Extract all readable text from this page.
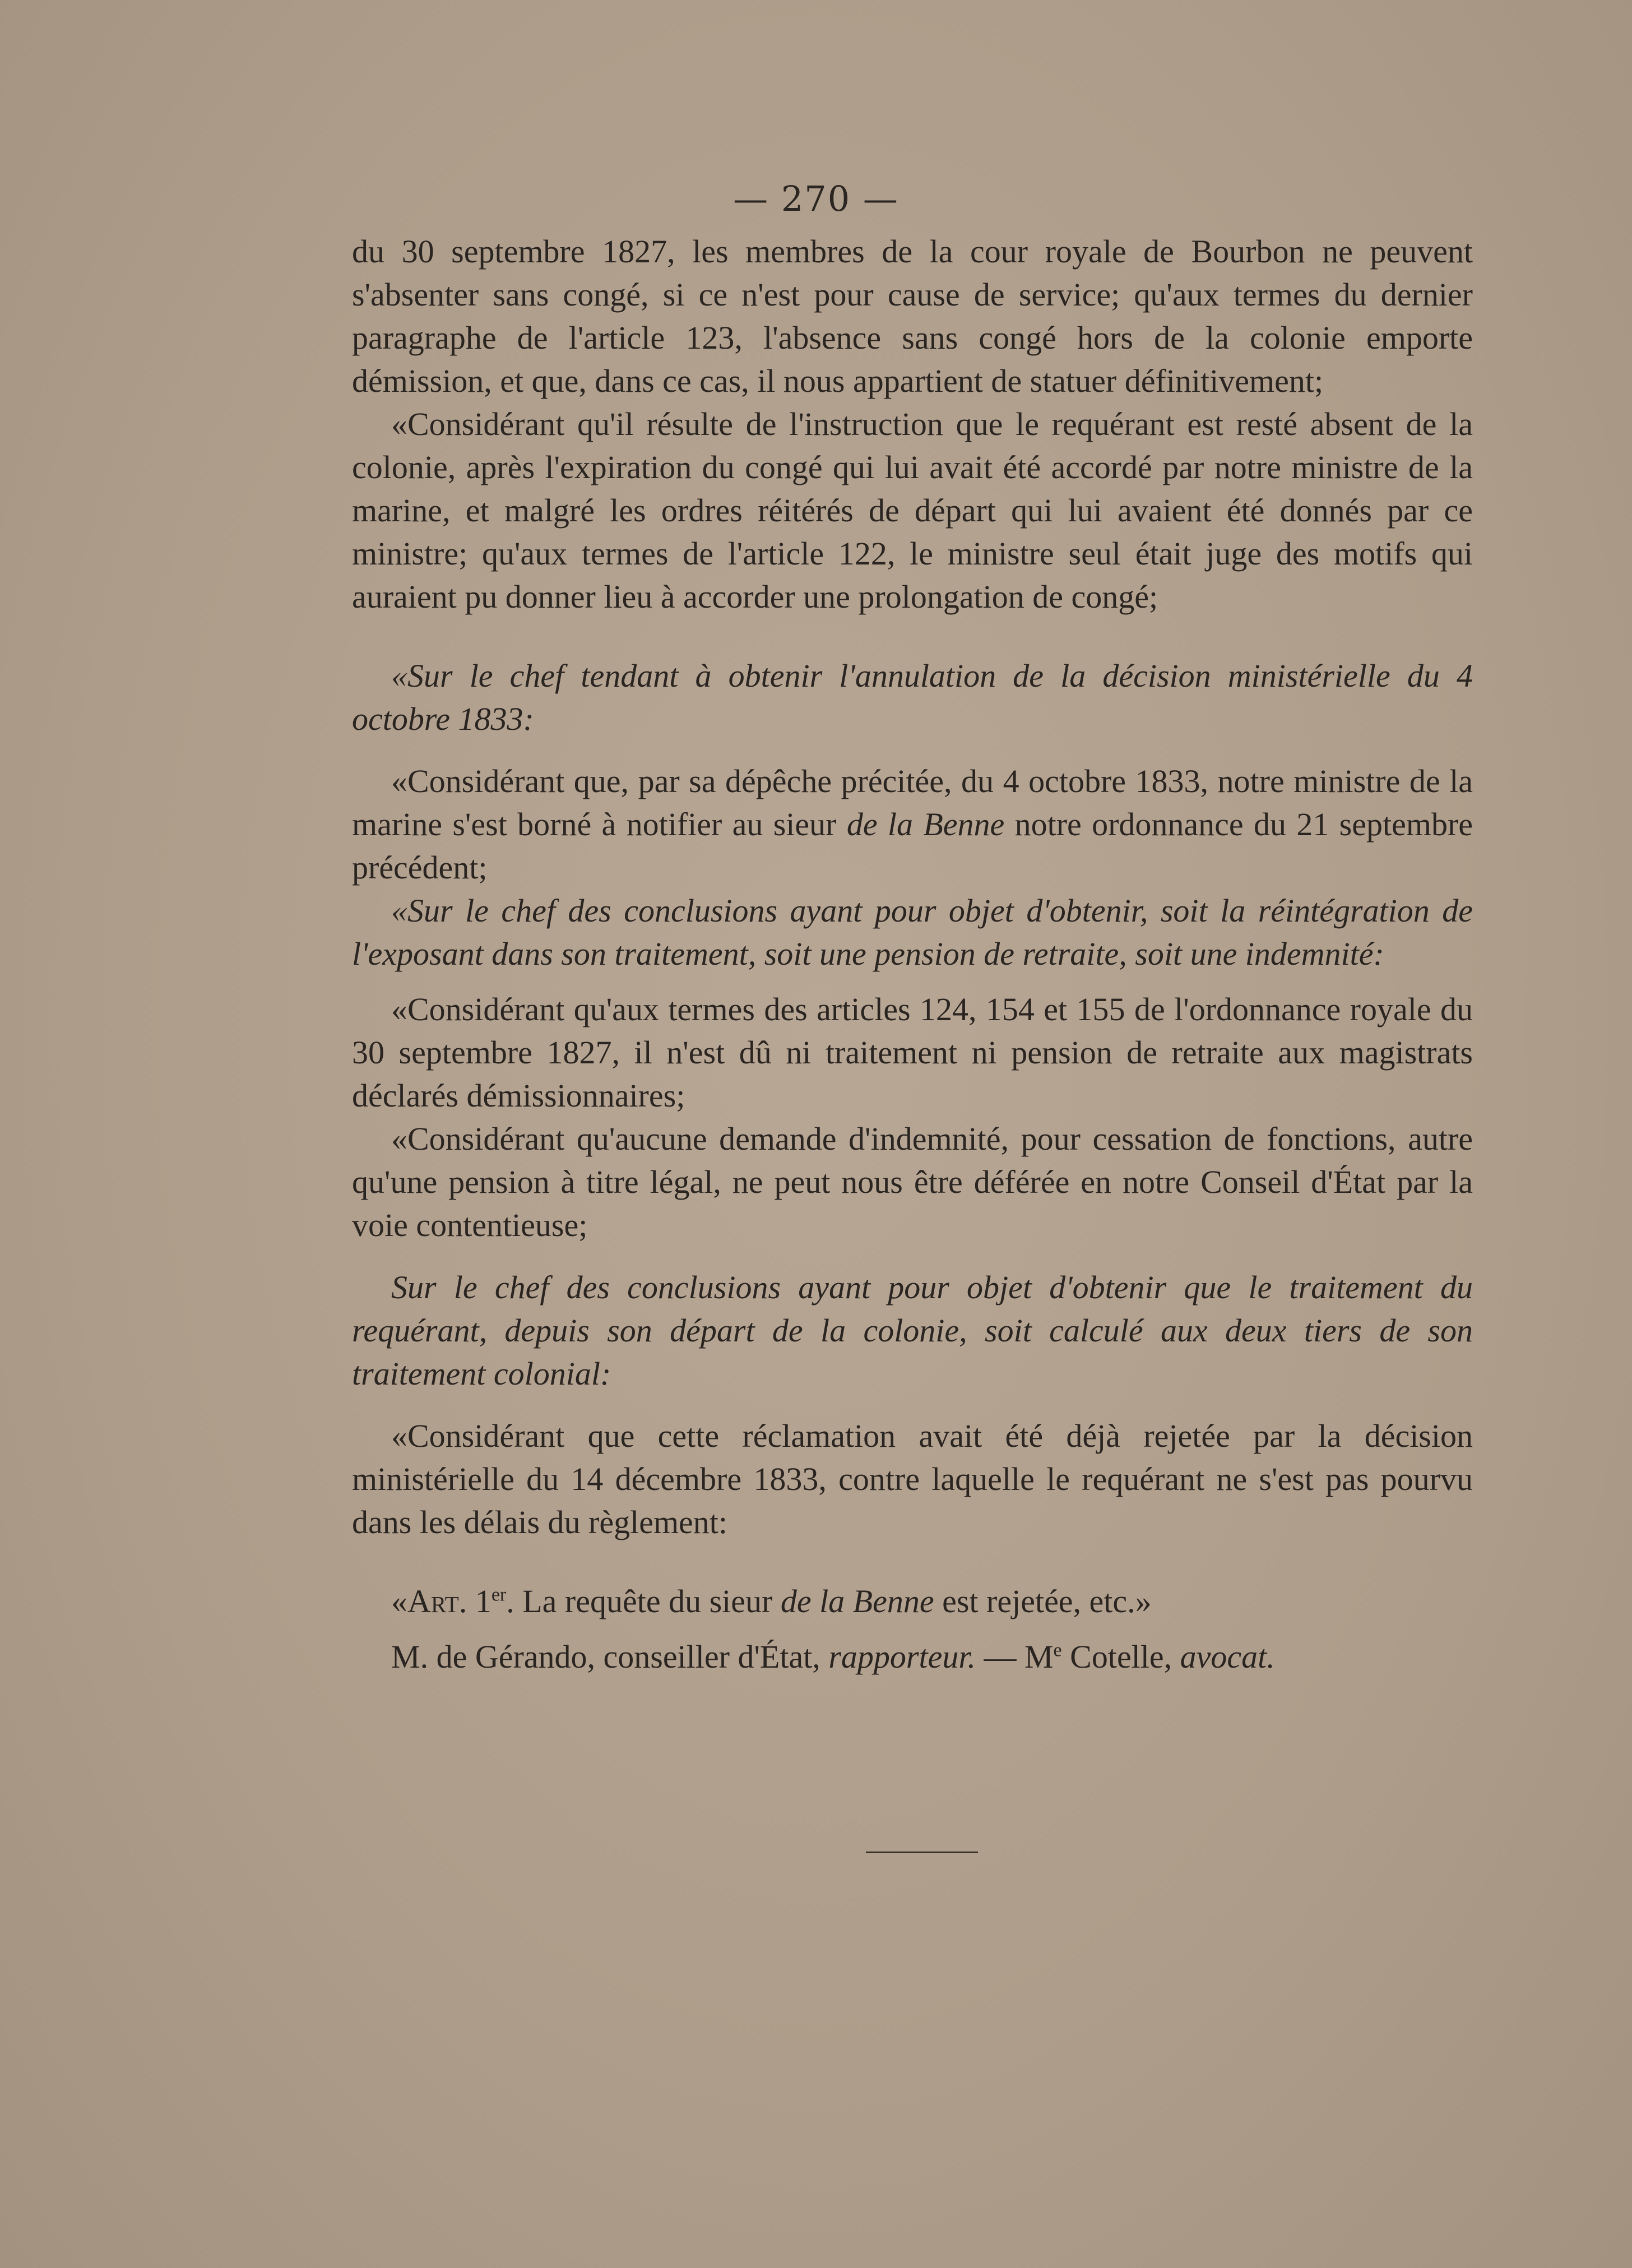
— 270 —

du 30 septembre 1827, les membres de la cour royale de Bourbon ne peuvent s'absenter sans congé, si ce n'est pour cause de service; qu'aux termes du dernier paragraphe de l'article 123, l'absence sans congé hors de la colonie emporte démission, et que, dans ce cas, il nous appartient de statuer définitivement;

«Considérant qu'il résulte de l'instruction que le requérant est resté absent de la colonie, après l'expiration du congé qui lui avait été accordé par notre ministre de la marine, et malgré les ordres réitérés de départ qui lui avaient été donnés par ce ministre; qu'aux termes de l'article 122, le ministre seul était juge des motifs qui auraient pu donner lieu à accorder une prolongation de congé;

«Sur le chef tendant à obtenir l'annulation de la décision ministérielle du 4 octobre 1833:

«Considérant que, par sa dépêche précitée, du 4 octobre 1833, notre ministre de la marine s'est borné à notifier au sieur de la Benne notre ordonnance du 21 septembre précédent;

«Sur le chef des conclusions ayant pour objet d'obtenir, soit la réintégration de l'exposant dans son traitement, soit une pension de retraite, soit une indemnité:

«Considérant qu'aux termes des articles 124, 154 et 155 de l'ordonnance royale du 30 septembre 1827, il n'est dû ni traitement ni pension de retraite aux magistrats déclarés démissionnaires;

«Considérant qu'aucune demande d'indemnité, pour cessation de fonctions, autre qu'une pension à titre légal, ne peut nous être déférée en notre Conseil d'État par la voie contentieuse;

Sur le chef des conclusions ayant pour objet d'obtenir que le traitement du requérant, depuis son départ de la colonie, soit calculé aux deux tiers de son traitement colonial:

«Considérant que cette réclamation avait été déjà rejetée par la décision ministérielle du 14 décembre 1833, contre laquelle le requérant ne s'est pas pourvu dans les délais du règlement:

«Art. 1er. La requête du sieur de la Benne est rejetée, etc.»

M. de Gérando, conseiller d'État, rapporteur. — Me Cotelle, avocat.
